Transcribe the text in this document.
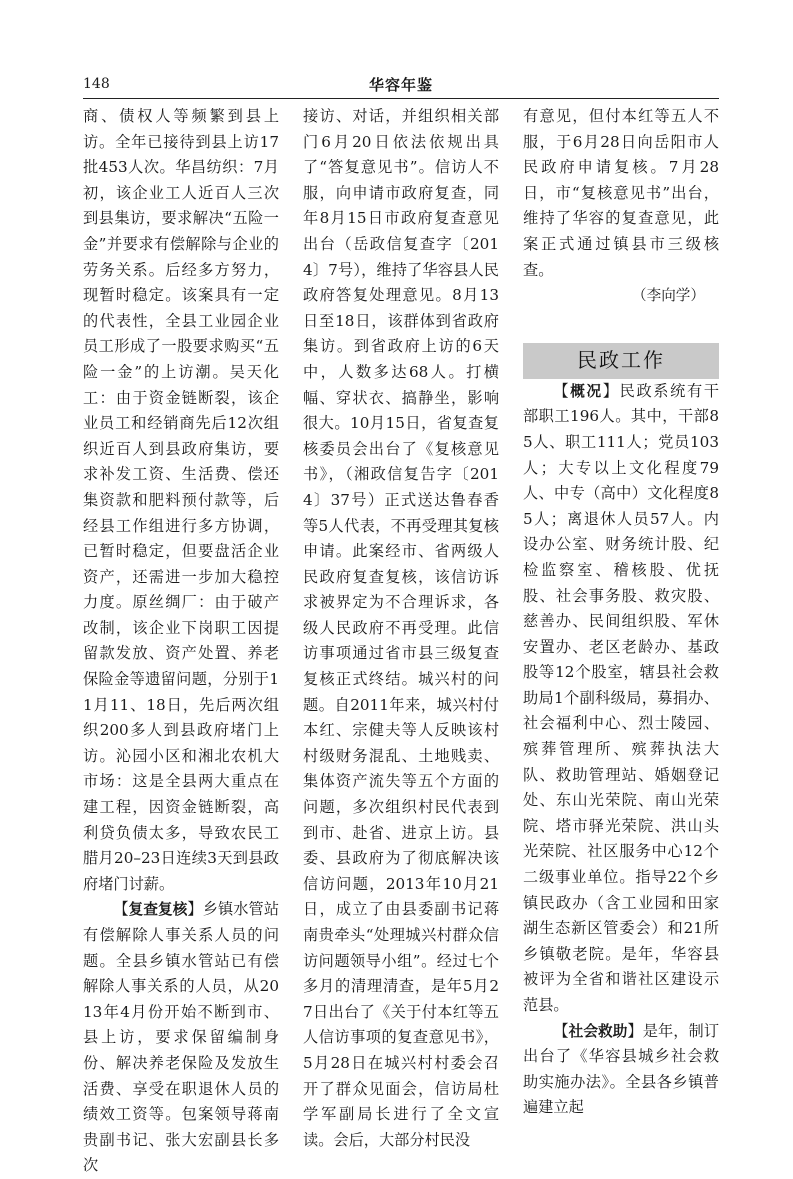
148	华容年鉴

商、债权人等频繁到县上访。全年已接待到县上访17批453人次。华昌纺织：7月初，该企业工人近百人三次到县集访，要求解决“五险一金”并要求有偿解除与企业的劳务关系。后经多方努力，现暂时稳定。该案具有一定的代表性，全县工业园企业员工形成了一股要求购买“五险一金”的上访潮。吴天化工：由于资金链断裂，该企业员工和经销商先后12次组织近百人到县政府集访，要求补发工资、生活费、偿还集资款和肥料预付款等，后经县工作组进行多方协调，已暂时稳定，但要盘活企业资产，还需进一步加大稳控力度。原丝绸厂：由于破产改制，该企业下岗职工因提留款发放、资产处置、养老保险金等遗留问题，分别于11月11、18日，先后两次组织200多人到县政府堵门上访。沁园小区和湘北农机大市场：这是全县两大重点在建工程，因资金链断裂，高利贷负债太多，导致农民工腊月20–23日连续3天到县政府堵门讨薪。

【复查复核】乡镇水管站有偿解除人事关系人员的问题。全县乡镇水管站已有偿解除人事关系的人员，从2013年4月份开始不断到市、县上访，要求保留编制身份、解决养老保险及发放生活费、享受在职退休人员的绩效工资等。包案领导蒋南贵副书记、张大宏副县长多次

接访、对话，并组织相关部门6月20日依法依规出具了“答复意见书”。信访人不服，向申请市政府复查，同年8月15日市政府复查意见出台（岳政信复查字〔2014〕7号），维持了华容县人民政府答复处理意见。8月13日至18日，该群体到省政府集访。到省政府上访的6天中，人数多达68人。打横幅、穿状衣、搞静坐，影响很大。10月15日，省复查复核委员会出台了《复核意见书》，（湘政信复告字〔2014〕37号）正式送达鲁春香等5人代表，不再受理其复核申请。此案经市、省两级人民政府复查复核，该信访诉求被界定为不合理诉求，各级人民政府不再受理。此信访事项通过省市县三级复查复核正式终结。城兴村的问题。自2011年来，城兴村付本红、宗健夫等人反映该村村级财务混乱、土地贱卖、集体资产流失等五个方面的问题，多次组织村民代表到到市、赴省、进京上访。县委、县政府为了彻底解决该信访问题，2013年10月21日，成立了由县委副书记蒋南贵牵头“处理城兴村群众信访问题领导小组”。经过七个多月的清理清查，是年5月27日出台了《关于付本红等五人信访事项的复查意见书》，5月28日在城兴村村委会召开了群众见面会，信访局杜学军副局长进行了全文宣读。会后，大部分村民没

有意见，但付本红等五人不服，于6月28日向岳阳市人民政府申请复核。7月28日，市“复核意见书”出台，维持了华容的复查意见，此案正式通过镇县市三级核查。

（李向学）

民政工作

【概况】民政系统有干部职工196人。其中，干部85人、职工111人；党员103人；大专以上文化程度79人、中专（高中）文化程度85人；离退休人员57人。内设办公室、财务统计股、纪检监察室、稽核股、优抚股、社会事务股、救灾股、慈善办、民间组织股、军休安置办、老区老龄办、基政股等12个股室，辖县社会救助局1个副科级局，募捐办、社会福利中心、烈士陵园、殡葬管理所、殡葬执法大队、救助管理站、婚姻登记处、东山光荣院、南山光荣院、塔市驿光荣院、洪山头光荣院、社区服务中心12个二级事业单位。指导22个乡镇民政办（含工业园和田家湖生态新区管委会）和21所乡镇敬老院。是年，华容县被评为全省和谐社区建设示范县。

【社会救助】是年，制订出台了《华容县城乡社会救助实施办法》。全县各乡镇普遍建立起
